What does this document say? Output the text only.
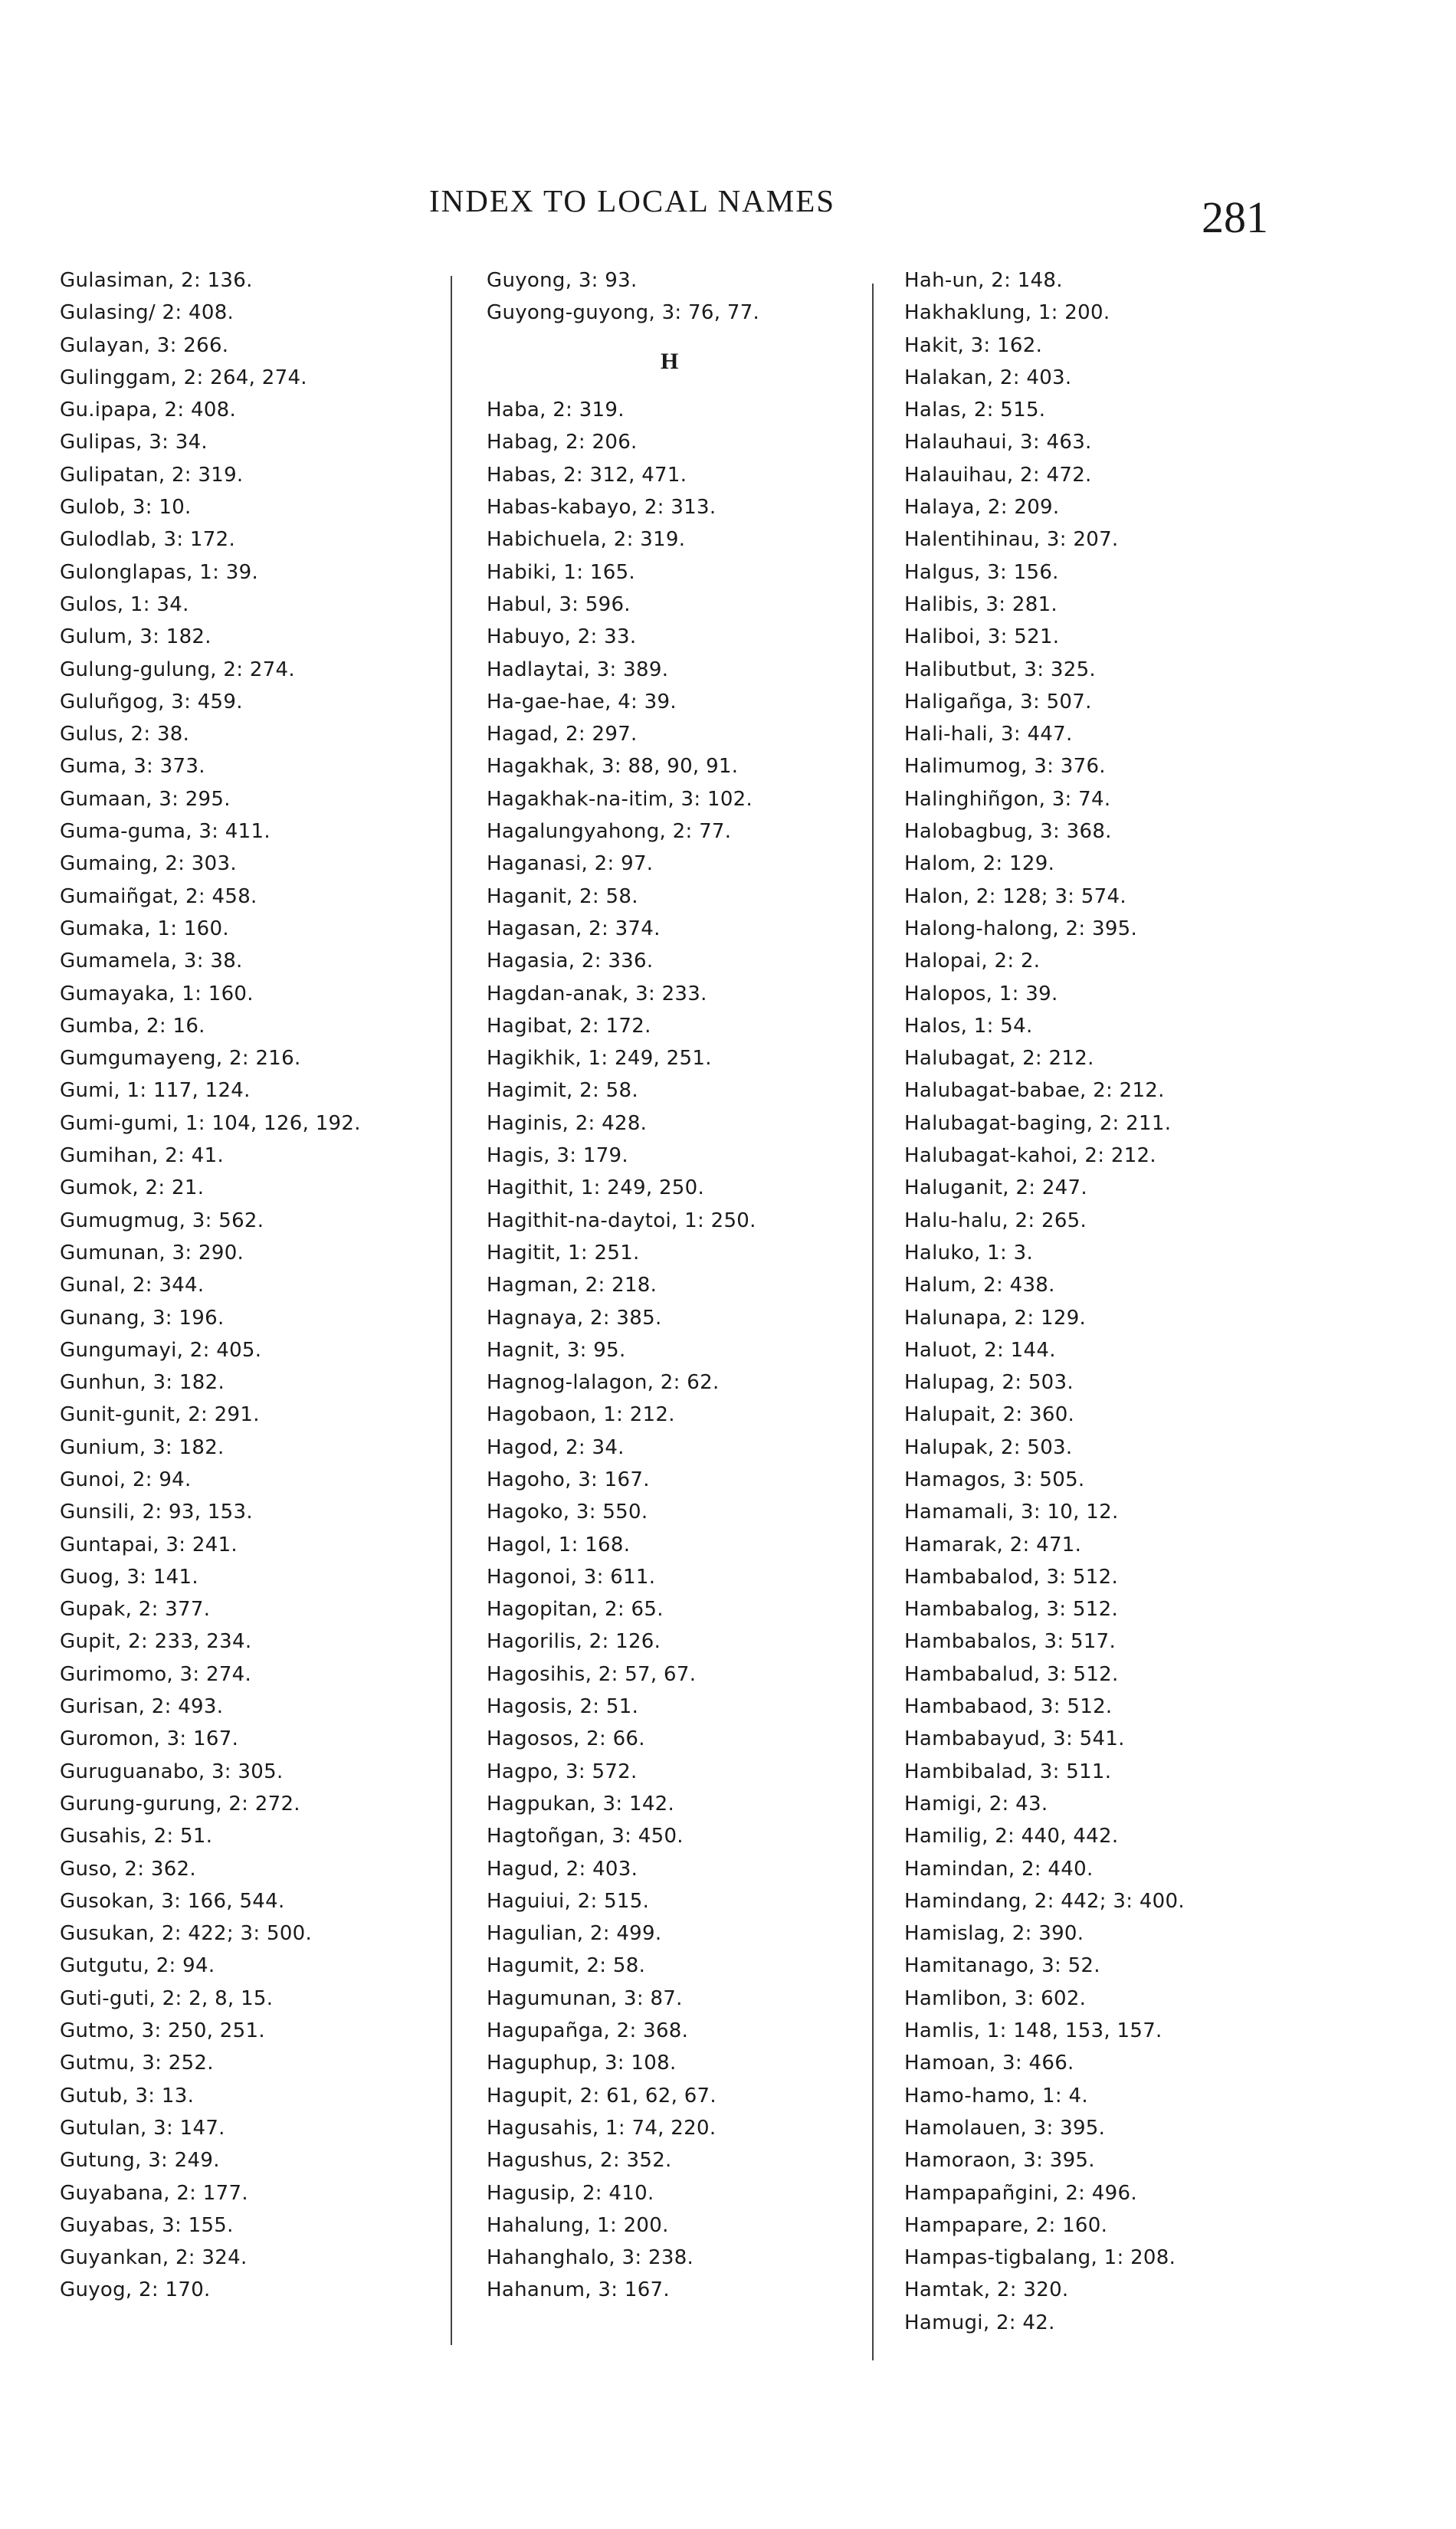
INDEX TO LOCAL NAMES	281
Gulasiman, 2: 136.
Gulasing/ 2: 408.
Gulayan, 3: 266.
Gulinggam, 2: 264, 274.
Gu.ipapa, 2: 408.
Gulipas, 3: 34.
Gulipatan, 2: 319.
Gulob, 3: 10.
Gulodlab, 3: 172.
Gulonglapas, 1: 39.
Gulos, 1: 34.
Gulum, 3: 182.
Gulung-gulung, 2: 274.
Guluñgog, 3: 459.
Gulus, 2: 38.
Guma, 3: 373.
Gumaan, 3: 295.
Guma-guma, 3: 411.
Gumaing, 2: 303.
Gumaiñgat, 2: 458.
Gumaka, 1: 160.
Gumamela, 3: 38.
Gumayaka, 1: 160.
Gumba, 2: 16.
Gumgumayeng, 2: 216.
Gumi, 1: 117, 124.
Gumi-gumi, 1: 104, 126, 192.
Gumihan, 2: 41.
Gumok, 2: 21.
Gumugmug, 3: 562.
Gumunan, 3: 290.
Gunal, 2: 344.
Gunang, 3: 196.
Gungumayi, 2: 405.
Gunhun, 3: 182.
Gunit-gunit, 2: 291.
Gunium, 3: 182.
Gunoi, 2: 94.
Gunsili, 2: 93, 153.
Guntapai, 3: 241.
Guog, 3: 141.
Gupak, 2: 377.
Gupit, 2: 233, 234.
Gurimomo, 3: 274.
Gurisan, 2: 493.
Guromon, 3: 167.
Guruguanabo, 3: 305.
Gurung-gurung, 2: 272.
Gusahis, 2: 51.
Guso, 2: 362.
Gusokan, 3: 166, 544.
Gusukan, 2: 422; 3: 500.
Gutgutu, 2: 94.
Guti-guti, 2: 2, 8, 15.
Gutmo, 3: 250, 251.
Gutmu, 3: 252.
Gutub, 3: 13.
Gutulan, 3: 147.
Gutung, 3: 249.
Guyabana, 2: 177.
Guyabas, 3: 155.
Guyankan, 2: 324.
Guyog, 2: 170.
Guyong, 3: 93.
Guyong-guyong, 3: 76, 77.
H
Haba, 2: 319.
Habag, 2: 206.
Habas, 2: 312, 471.
Habas-kabayo, 2: 313.
Habichuela, 2: 319.
Habiki, 1: 165.
Habul, 3: 596.
Habuyo, 2: 33.
Hadlaytai, 3: 389.
Ha-gae-hae, 4: 39.
Hagad, 2: 297.
Hagakhak, 3: 88, 90, 91.
Hagakhak-na-itim, 3: 102.
Hagalungyahong, 2: 77.
Haganasi, 2: 97.
Haganit, 2: 58.
Hagasan, 2: 374.
Hagasia, 2: 336.
Hagdan-anak, 3: 233.
Hagibat, 2: 172.
Hagikhik, 1: 249, 251.
Hagimit, 2: 58.
Haginis, 2: 428.
Hagis, 3: 179.
Hagithit, 1: 249, 250.
Hagithit-na-daytoi, 1: 250.
Hagitit, 1: 251.
Hagman, 2: 218.
Hagnaya, 2: 385.
Hagnit, 3: 95.
Hagnog-lalagon, 2: 62.
Hagobaon, 1: 212.
Hagod, 2: 34.
Hagoho, 3: 167.
Hagoko, 3: 550.
Hagol, 1: 168.
Hagonoi, 3: 611.
Hagopitan, 2: 65.
Hagorilis, 2: 126.
Hagosihis, 2: 57, 67.
Hagosis, 2: 51.
Hagosos, 2: 66.
Hagpo, 3: 572.
Hagpukan, 3: 142.
Hagtoñgan, 3: 450.
Hagud, 2: 403.
Haguiui, 2: 515.
Hagulian, 2: 499.
Hagumit, 2: 58.
Hagumunan, 3: 87.
Hagupañga, 2: 368.
Haguphup, 3: 108.
Hagupit, 2: 61, 62, 67.
Hagusahis, 1: 74, 220.
Hagushus, 2: 352.
Hagusip, 2: 410.
Hahalung, 1: 200.
Hahanghalo, 3: 238.
Hahanum, 3: 167.
Hah-un, 2: 148.
Hakhaklung, 1: 200.
Hakit, 3: 162.
Halakan, 2: 403.
Halas, 2: 515.
Halauhaui, 3: 463.
Halauihau, 2: 472.
Halaya, 2: 209.
Halentihinau, 3: 207.
Halgus, 3: 156.
Halibis, 3: 281.
Haliboi, 3: 521.
Halibutbut, 3: 325.
Haligañga, 3: 507.
Hali-hali, 3: 447.
Halimumog, 3: 376.
Halinghiñgon, 3: 74.
Halobagbug, 3: 368.
Halom, 2: 129.
Halon, 2: 128; 3: 574.
Halong-halong, 2: 395.
Halopai, 2: 2.
Halopos, 1: 39.
Halos, 1: 54.
Halubagat, 2: 212.
Halubagat-babae, 2: 212.
Halubagat-baging, 2: 211.
Halubagat-kahoi, 2: 212.
Haluganit, 2: 247.
Halu-halu, 2: 265.
Haluko, 1: 3.
Halum, 2: 438.
Halunapa, 2: 129.
Haluot, 2: 144.
Halupag, 2: 503.
Halupait, 2: 360.
Halupak, 2: 503.
Hamagos, 3: 505.
Hamamali, 3: 10, 12.
Hamarak, 2: 471.
Hambabalod, 3: 512.
Hambabalog, 3: 512.
Hambabalos, 3: 517.
Hambabalud, 3: 512.
Hambabaod, 3: 512.
Hambabayud, 3: 541.
Hambibalad, 3: 511.
Hamigi, 2: 43.
Hamilig, 2: 440, 442.
Hamindan, 2: 440.
Hamindang, 2: 442; 3: 400.
Hamislag, 2: 390.
Hamitanago, 3: 52.
Hamlibon, 3: 602.
Hamlis, 1: 148, 153, 157.
Hamoan, 3: 466.
Hamo-hamo, 1: 4.
Hamolauen, 3: 395.
Hamoraon, 3: 395.
Hampapañgini, 2: 496.
Hampapare, 2: 160.
Hampas-tigbalang, 1: 208.
Hamtak, 2: 320.
Hamugi, 2: 42.
